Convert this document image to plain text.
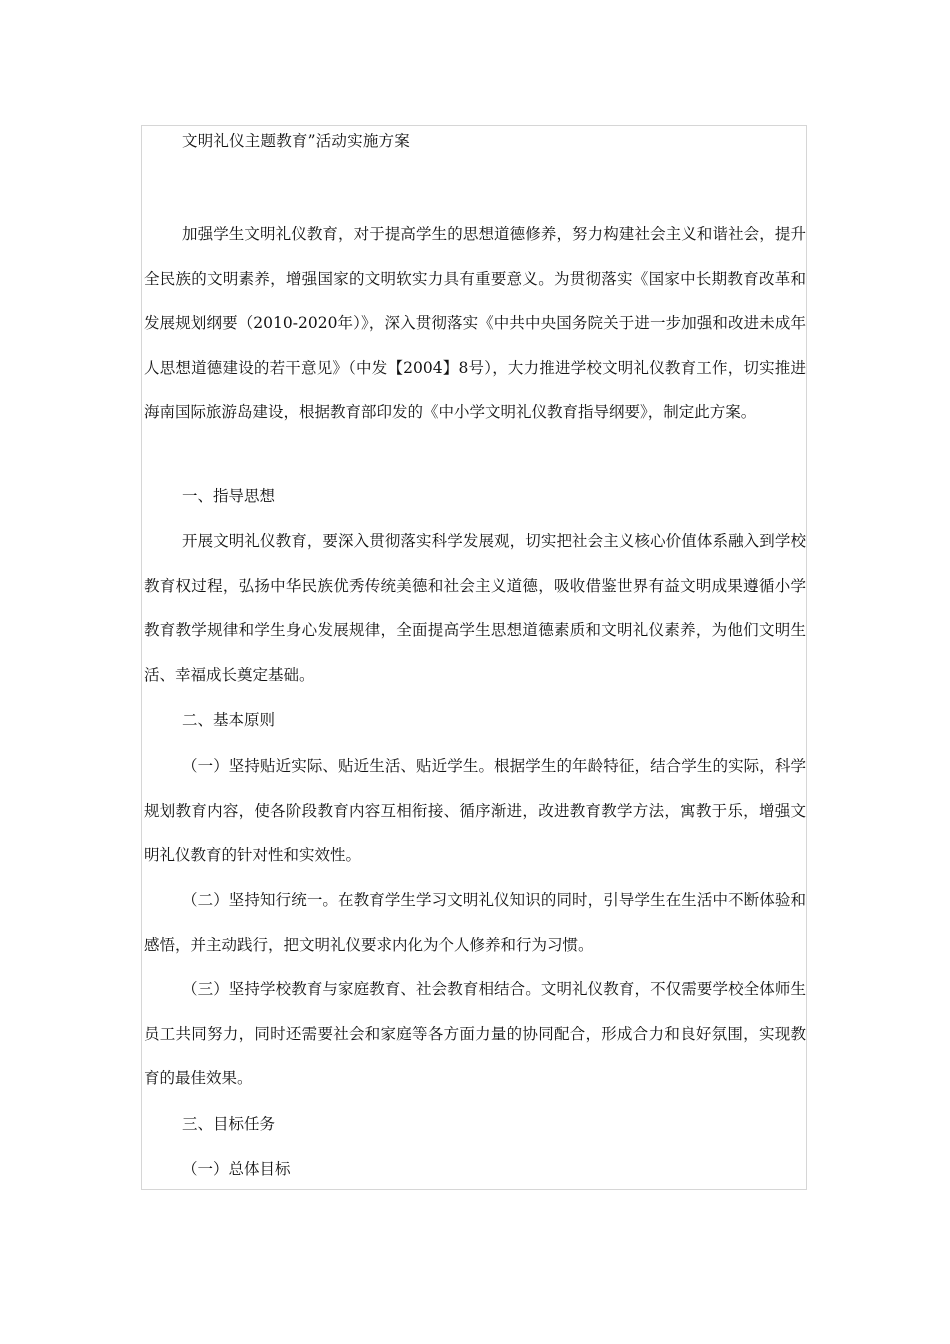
文明礼仪主题教育”活动实施方案

加强学生文明礼仪教育，对于提高学生的思想道德修养，努力构建社会主义和谐社会，提升全民族的文明素养，增强国家的文明软实力具有重要意义。为贯彻落实《国家中长期教育改革和发展规划纲要（2010-2020年）》，深入贯彻落实《中共中央国务院关于进一步加强和改进未成年人思想道德建设的若干意见》（中发【2004】8号），大力推进学校文明礼仪教育工作，切实推进海南国际旅游岛建设，根据教育部印发的《中小学文明礼仪教育指导纲要》，制定此方案。

一、指导思想

开展文明礼仪教育，要深入贯彻落实科学发展观，切实把社会主义核心价值体系融入到学校教育权过程，弘扬中华民族优秀传统美德和社会主义道德，吸收借鉴世界有益文明成果遵循小学教育教学规律和学生身心发展规律，全面提高学生思想道德素质和文明礼仪素养，为他们文明生活、幸福成长奠定基础。

二、基本原则

（一）坚持贴近实际、贴近生活、贴近学生。根据学生的年龄特征，结合学生的实际，科学规划教育内容，使各阶段教育内容互相衔接、循序渐进，改进教育教学方法，寓教于乐，增强文明礼仪教育的针对性和实效性。

（二）坚持知行统一。在教育学生学习文明礼仪知识的同时，引导学生在生活中不断体验和感悟，并主动践行，把文明礼仪要求内化为个人修养和行为习惯。

（三）坚持学校教育与家庭教育、社会教育相结合。文明礼仪教育，不仅需要学校全体师生员工共同努力，同时还需要社会和家庭等各方面力量的协同配合，形成合力和良好氛围，实现教育的最佳效果。

三、目标任务

（一）总体目标
